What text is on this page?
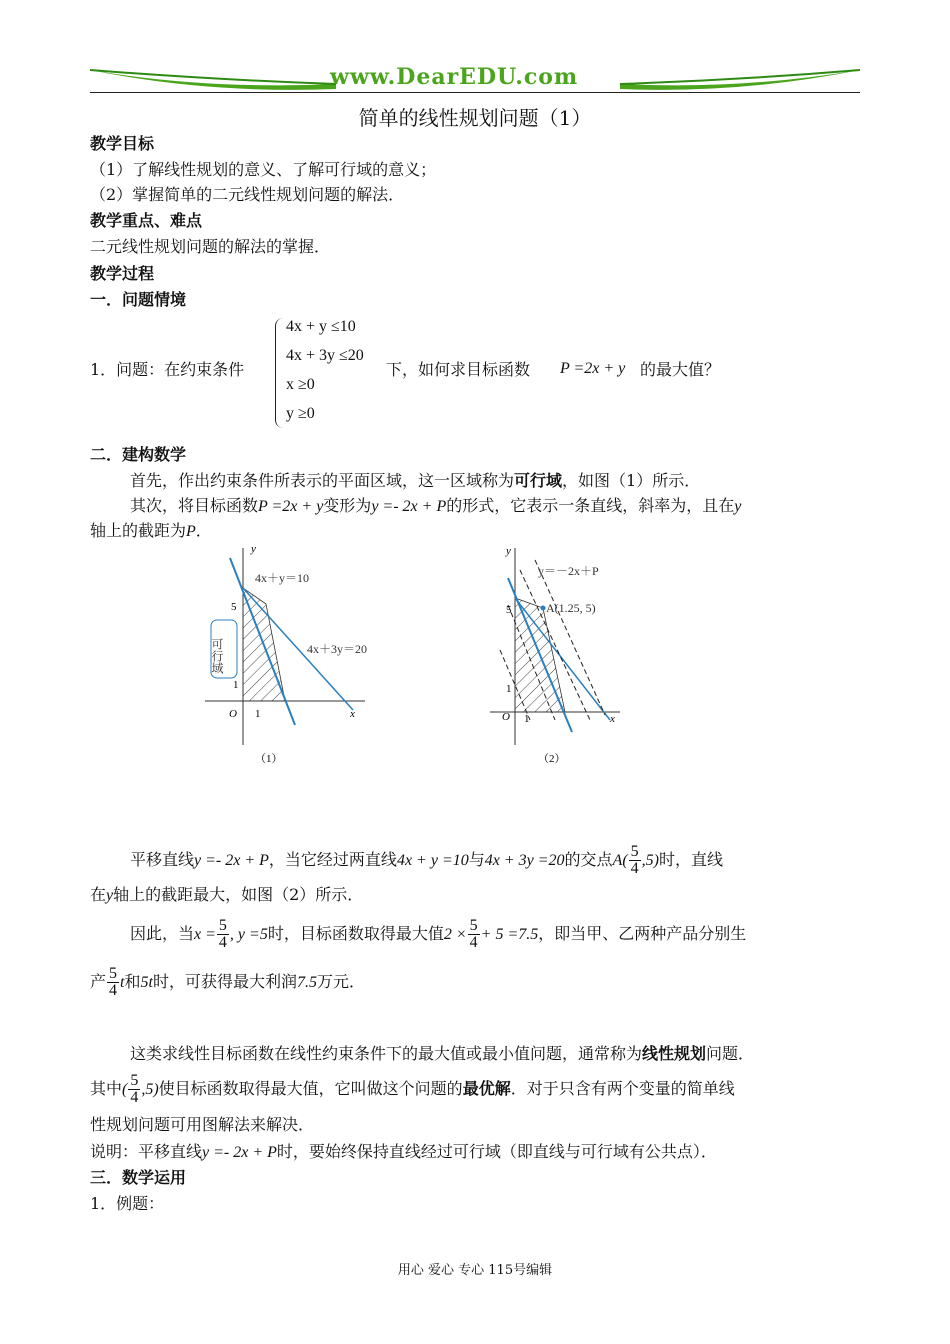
www.DearEDU.com
简单的线性规划问题（1）
教学目标
（1）了解线性规划的意义、了解可行域的意义；
（2）掌握简单的二元线性规划问题的解法．
教学重点、难点
二元线性规划问题的解法的掌握．
教学过程
一．问题情境
1．问题：在约束条件
4x + y ≤10
4x + 3y ≤20
x ≥0
y ≥0
下，如何求目标函数 P =2x + y 的最大值？
二．建构数学
首先，作出约束条件所表示的平面区域，这一区域称为可行域，如图（1）所示．
其次，将目标函数P =2x + y变形为y =- 2x + P的形式，它表示一条直线，斜率为，且在y
轴上的截距为P．
4x＋y＝10
4x＋3y＝20
可行域
y
x
O
5
1
1
（1）
y＝－2x＋P
A(1.25, 5)
y
x
O
5
1
1
（2）
平移直线y =- 2x + P，当它经过两直线4x + y =10与4x + 3y =20的交点$A( \frac{5}{4} ,5)$时，直线
在y轴上的截距最大，如图（2）所示．
因此，当$x = \frac{5}{4}$ , y =5时，目标函数取得最大值$2 \times \frac{5}{4} + 5 =7.5$，即当甲、乙两种产品分别生
产 $\frac{5}{4}$ t和5t时，可获得最大利润7.5万元．
这类求线性目标函数在线性约束条件下的最大值或最小值问题，通常称为线性规划问题．
其中( $\frac{5}{4} ,5$)使目标函数取得最大值，它叫做这个问题的最优解．对于只含有两个变量的简单线
性规划问题可用图解法来解决．
说明：平移直线y =- 2x + P时，要始终保持直线经过可行域（即直线与可行域有公共点）．
三．数学运用
1．例题：
用心 爱心 专心 115号编辑
